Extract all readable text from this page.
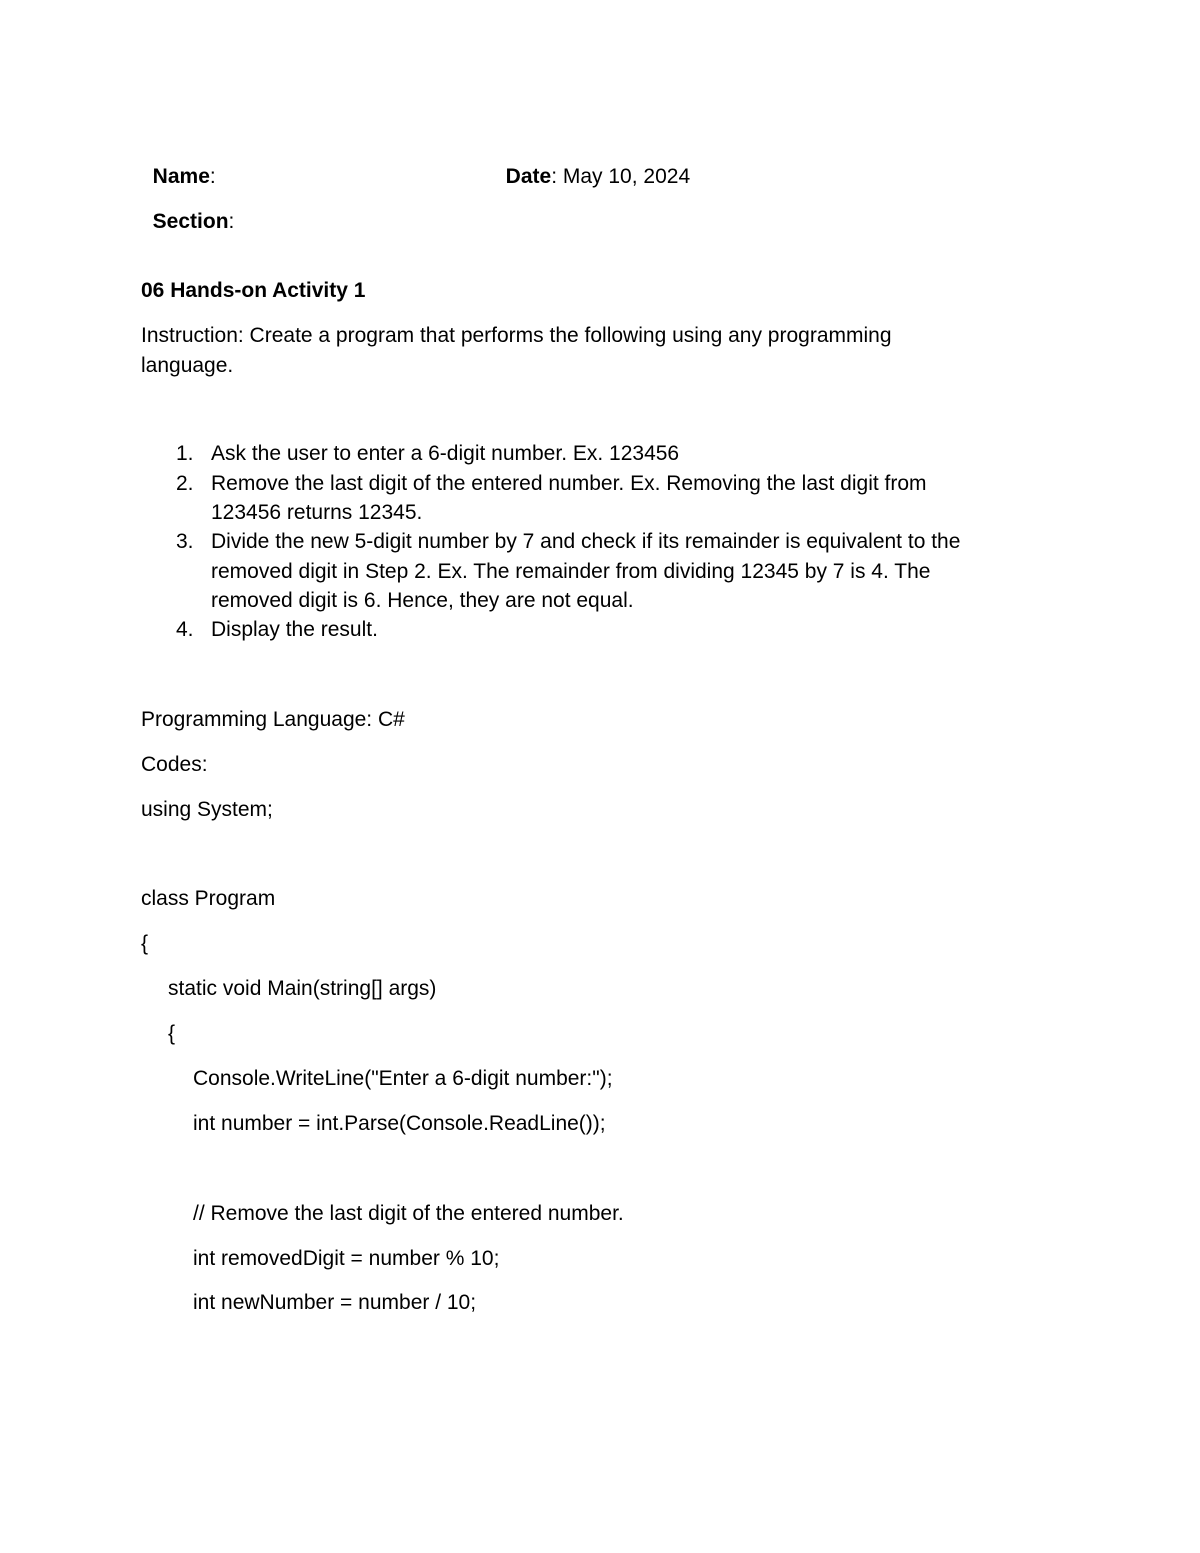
Name:	Date: May 10, 2024

Section:

06 Hands-on Activity 1
Instruction: Create a program that performs the following using any programming
language.
1. Ask the user to enter a 6-digit number. Ex. 123456
2. Remove the last digit of the entered number. Ex. Removing the last digit from
123456 returns 12345.
3. Divide the new 5-digit number by 7 and check if its remainder is equivalent to the
removed digit in Step 2. Ex. The remainder from dividing 12345 by 7 is 4. The
removed digit is 6. Hence, they are not equal.
4. Display the result.
Programming Language: C#
Codes:
using System;
class Program
{
static void Main(string[] args)
{
Console.WriteLine("Enter a 6-digit number:");
int number = int.Parse(Console.ReadLine());
// Remove the last digit of the entered number.
int removedDigit = number % 10;
int newNumber = number / 10;
